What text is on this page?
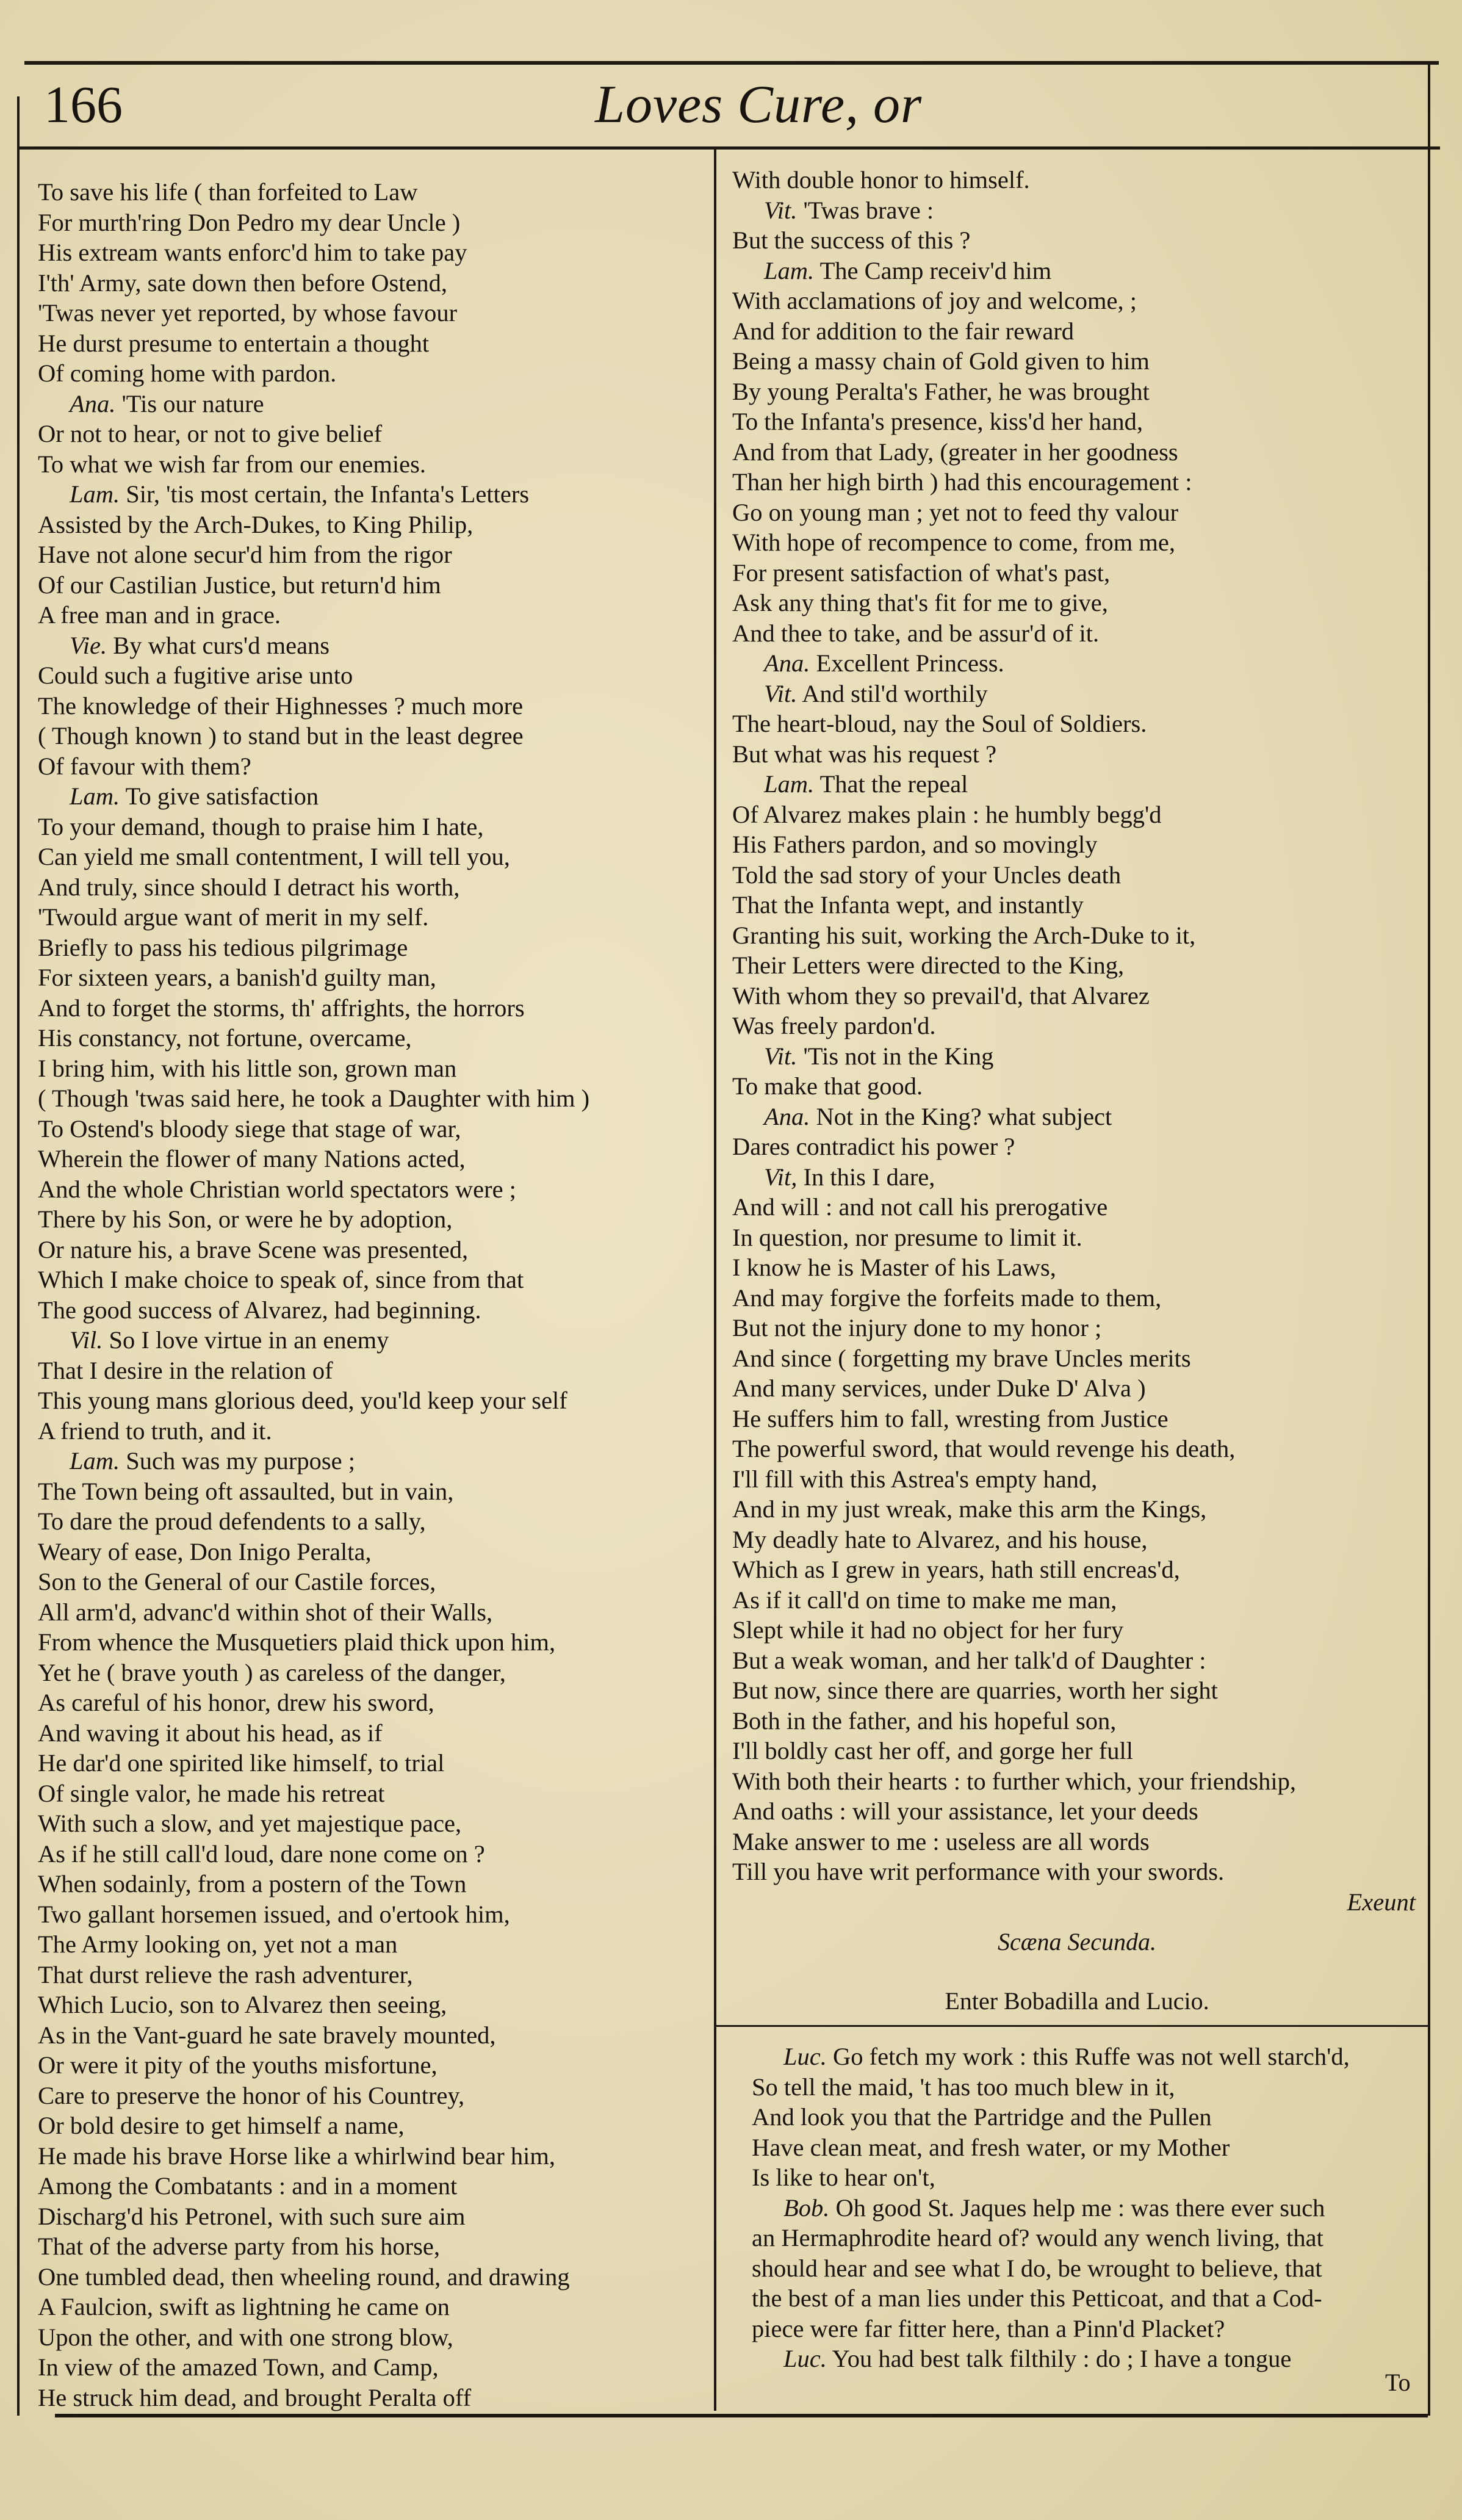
166	Loves Cure, or
To save his life ( than forfeited to Law
For murth'ring Don Pedro my dear Uncle )
His extream wants enforc'd him to take pay
I'th' Army, sate down then before Ostend,
'Twas never yet reported, by whose favour
He durst presume to entertain a thought
Of coming home with pardon.
Ana. 'Tis our nature
Or not to hear, or not to give belief
To what we wish far from our enemies.
Lam. Sir, 'tis most certain, the Infanta's Letters
Assisted by the Arch-Dukes, to King Philip,
Have not alone secur'd him from the rigor
Of our Castilian Justice, but return'd him
A free man and in grace.
Vie. By what curs'd means
Could such a fugitive arise unto
The knowledge of their Highnesses ? much more
( Though known ) to stand but in the least degree
Of favour with them?
Lam. To give satisfaction
To your demand, though to praise him I hate,
Can yield me small contentment, I will tell you,
And truly, since should I detract his worth,
'Twould argue want of merit in my self.
Briefly to pass his tedious pilgrimage
For sixteen years, a banish'd guilty man,
And to forget the storms, th' affrights, the horrors
His constancy, not fortune, overcame,
I bring him, with his little son, grown man
( Though 'twas said here, he took a Daughter with him )
To Ostend's bloody siege that stage of war,
Wherein the flower of many Nations acted,
And the whole Christian world spectators were ;
There by his Son, or were he by adoption,
Or nature his, a brave Scene was presented,
Which I make choice to speak of, since from that
The good success of Alvarez, had beginning.
Vil. So I love virtue in an enemy
That I desire in the relation of
This young mans glorious deed, you'ld keep your self
A friend to truth, and it.
Lam. Such was my purpose ;
The Town being oft assaulted, but in vain,
To dare the proud defendents to a sally,
Weary of ease, Don Inigo Peralta,
Son to the General of our Castile forces,
All arm'd, advanc'd within shot of their Walls,
From whence the Musquetiers plaid thick upon him,
Yet he ( brave youth ) as careless of the danger,
As careful of his honor, drew his sword,
And waving it about his head, as if
He dar'd one spirited like himself, to trial
Of single valor, he made his retreat
With such a slow, and yet majestique pace,
As if he still call'd loud, dare none come on ?
When sodainly, from a postern of the Town
Two gallant horsemen issued, and o'ertook him,
The Army looking on, yet not a man
That durst relieve the rash adventurer,
Which Lucio, son to Alvarez then seeing,
As in the Vant-guard he sate bravely mounted,
Or were it pity of the youths misfortune,
Care to preserve the honor of his Countrey,
Or bold desire to get himself a name,
He made his brave Horse like a whirlwind bear him,
Among the Combatants : and in a moment
Discharg'd his Petronel, with such sure aim
That of the adverse party from his horse,
One tumbled dead, then wheeling round, and drawing
A Faulcion, swift as lightning he came on
Upon the other, and with one strong blow,
In view of the amazed Town, and Camp,
He struck him dead, and brought Peralta off
With double honor to himself.
Vit. 'Twas brave :
But the success of this ?
Lam. The Camp receiv'd him
With acclamations of joy and welcome, ;
And for addition to the fair reward
Being a massy chain of Gold given to him
By young Peralta's Father, he was brought
To the Infanta's presence, kiss'd her hand,
And from that Lady, (greater in her goodness
Than her high birth ) had this encouragement :
Go on young man ; yet not to feed thy valour
With hope of recompence to come, from me,
For present satisfaction of what's past,
Ask any thing that's fit for me to give,
And thee to take, and be assur'd of it.
Ana. Excellent Princess.
Vit. And stil'd worthily
The heart-bloud, nay the Soul of Soldiers.
But what was his request ?
Lam. That the repeal
Of Alvarez makes plain : he humbly begg'd
His Fathers pardon, and so movingly
Told the sad story of your Uncles death
That the Infanta wept, and instantly
Granting his suit, working the Arch-Duke to it,
Their Letters were directed to the King,
With whom they so prevail'd, that Alvarez
Was freely pardon'd.
Vit. 'Tis not in the King
To make that good.
Ana. Not in the King? what subject
Dares contradict his power ?
Vit, In this I dare,
And will : and not call his prerogative
In question, nor presume to limit it.
I know he is Master of his Laws,
And may forgive the forfeits made to them,
But not the injury done to my honor ;
And since ( forgetting my brave Uncles merits
And many services, under Duke D' Alva )
He suffers him to fall, wresting from Justice
The powerful sword, that would revenge his death,
I'll fill with this Astrea's empty hand,
And in my just wreak, make this arm the Kings,
My deadly hate to Alvarez, and his house,
Which as I grew in years, hath still encreas'd,
As if it call'd on time to make me man,
Slept while it had no object for her fury
But a weak woman, and her talk'd of Daughter :
But now, since there are quarries, worth her sight
Both in the father, and his hopeful son,
I'll boldly cast her off, and gorge her full
With both their hearts : to further which, your friendship,
And oaths : will your assistance, let your deeds
Make answer to me : useless are all words
Till you have writ performance with your swords.
Exeunt
Scæna Secunda.
Enter Bobadilla and Lucio.
Luc. Go fetch my work : this Ruffe was not well starch'd,
So tell the maid, 't has too much blew in it,
And look you that the Partridge and the Pullen
Have clean meat, and fresh water, or my Mother
Is like to hear on't,
Bob. Oh good St. Jaques help me : was there ever such
an Hermaphrodite heard of? would any wench living, that
should hear and see what I do, be wrought to believe, that
the best of a man lies under this Petticoat, and that a Cod-
piece were far fitter here, than a Pinn'd Placket?
Luc. You had best talk filthily : do ; I have a tongue
To
